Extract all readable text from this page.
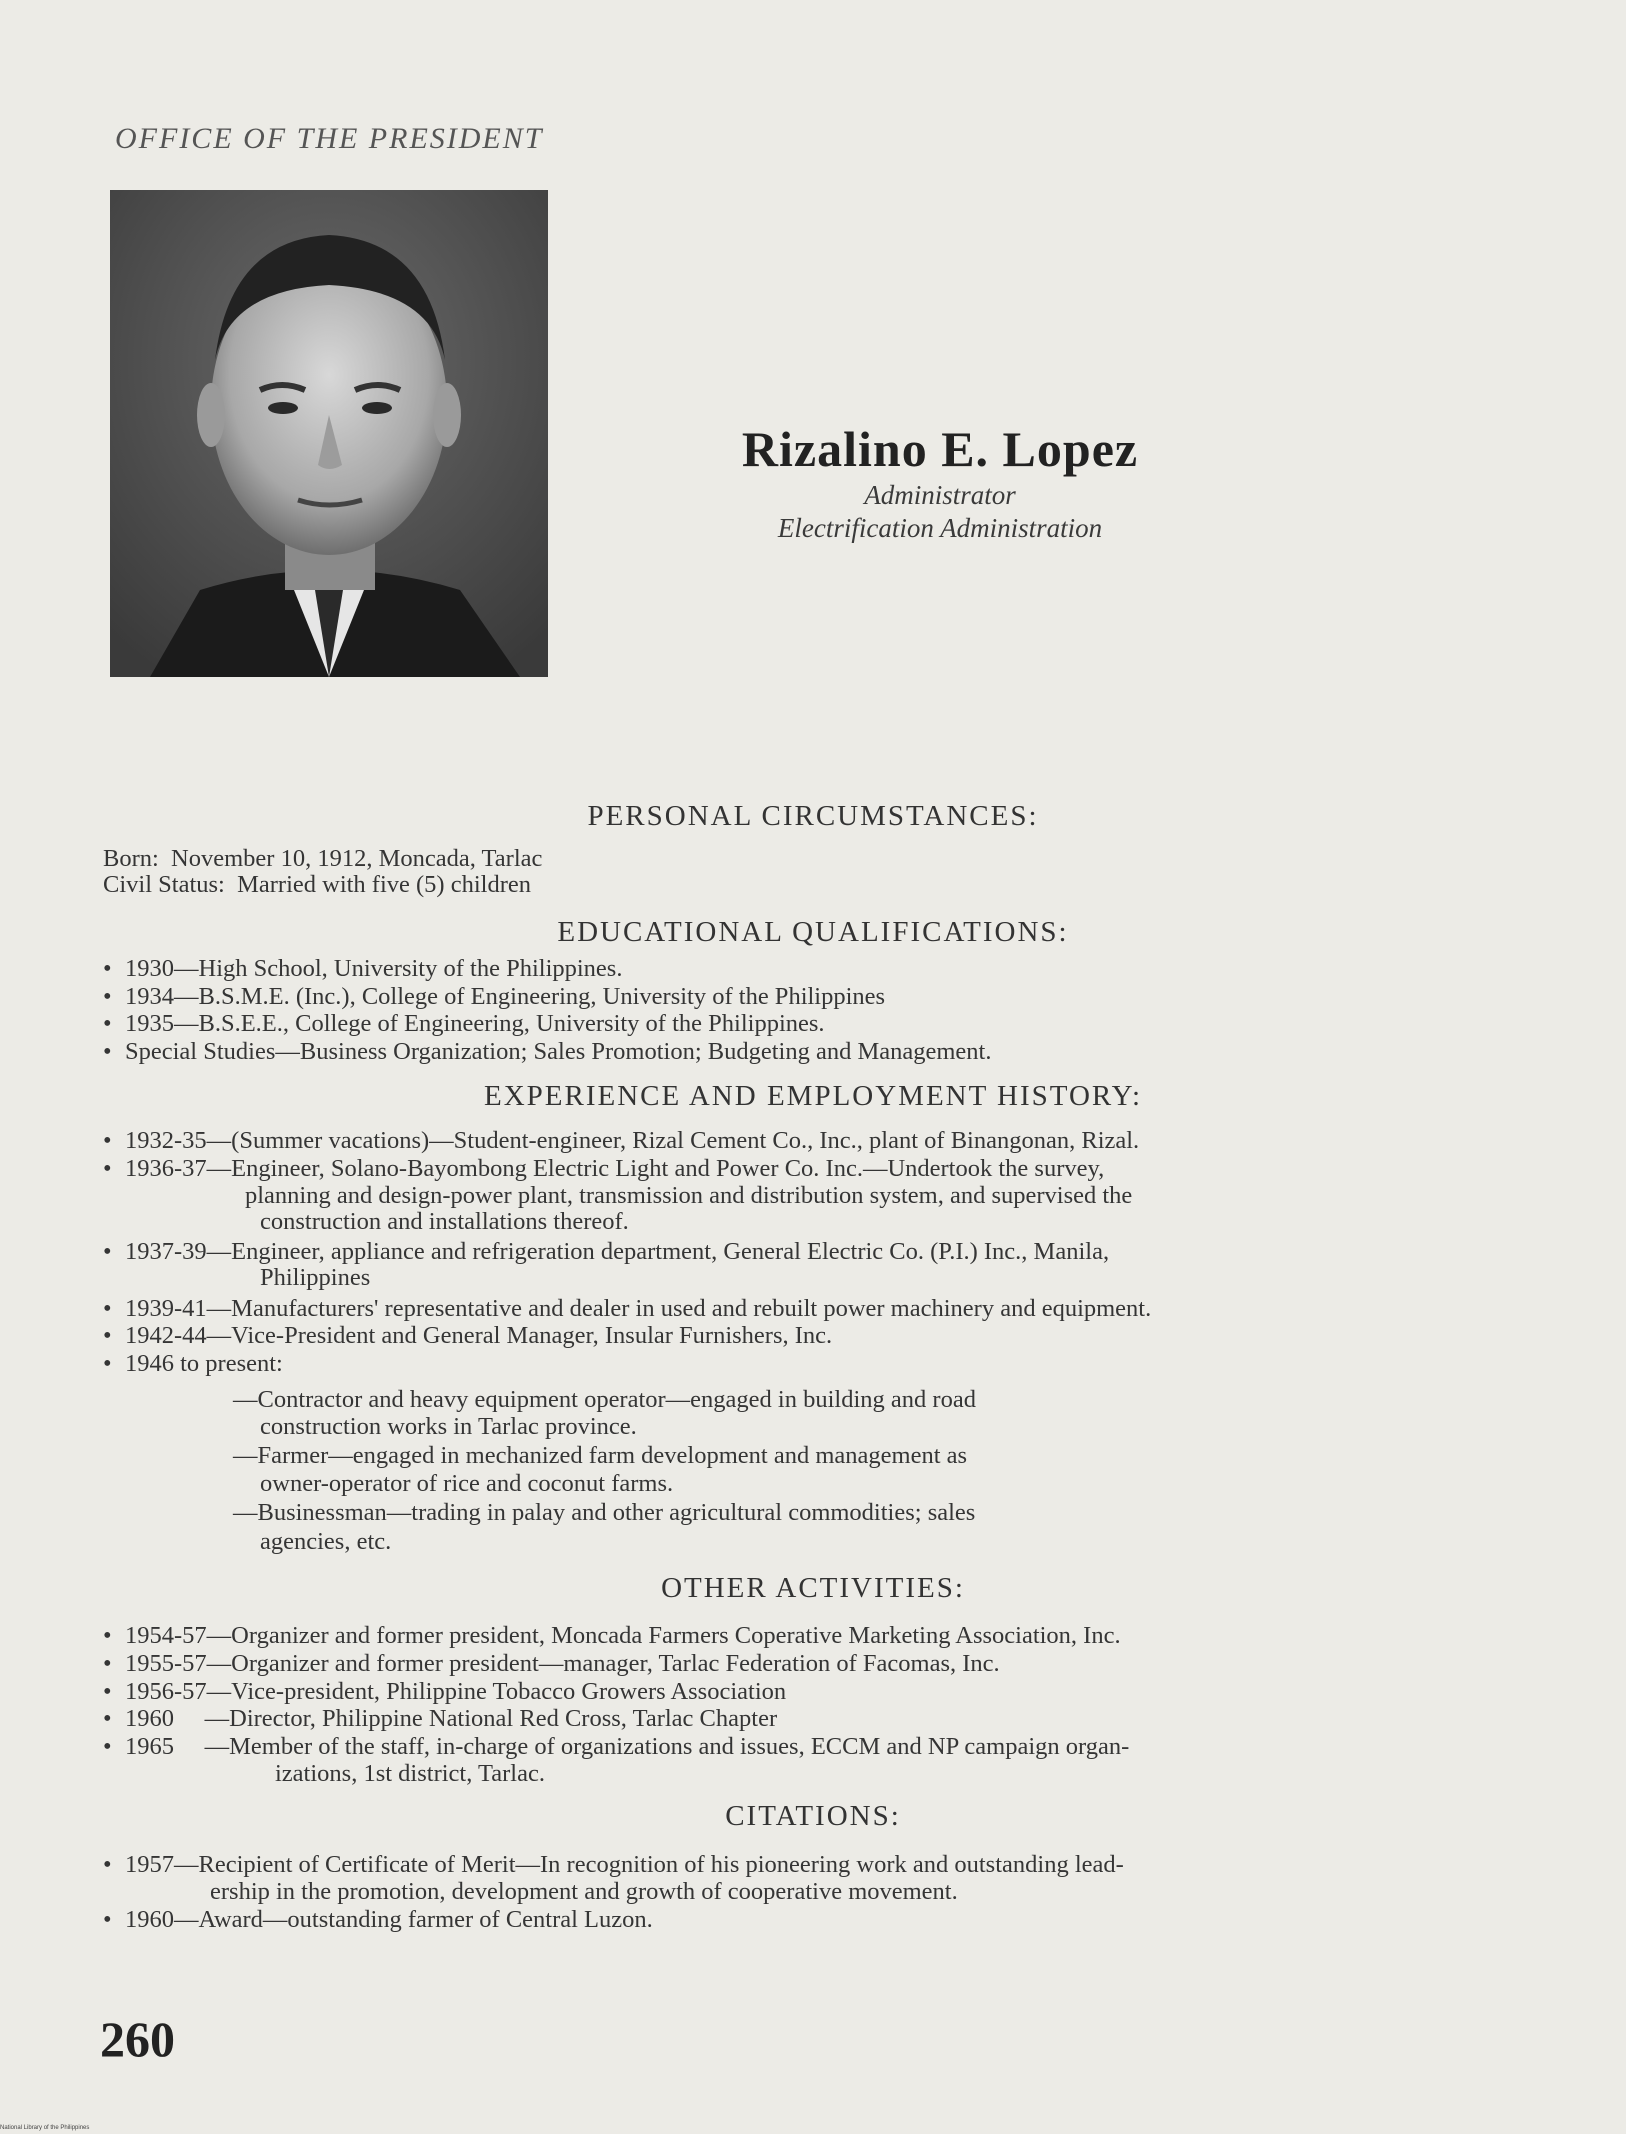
OFFICE OF THE PRESIDENT
Rizalino E. Lopez
Administrator
Electrification Administration
PERSONAL CIRCUMSTANCES:
Born:  November 10, 1912, Moncada, Tarlac
Civil Status:  Married with five (5) children
EDUCATIONAL QUALIFICATIONS:
• 1930—High School, University of the Philippines.
• 1934—B.S.M.E. (Inc.), College of Engineering, University of the Philippines
• 1935—B.S.E.E., College of Engineering, University of the Philippines.
• Special Studies—Business Organization; Sales Promotion; Budgeting and Management.
EXPERIENCE AND EMPLOYMENT HISTORY:
• 1932-35—(Summer vacations)—Student-engineer, Rizal Cement Co., Inc., plant of Binangonan, Rizal.
• 1936-37—Engineer, Solano-Bayombong Electric Light and Power Co. Inc.—Undertook the survey,
planning and design-power plant, transmission and distribution system, and supervised the
construction and installations thereof.
• 1937-39—Engineer, appliance and refrigeration department, General Electric Co. (P.I.) Inc., Manila,
Philippines
• 1939-41—Manufacturers' representative and dealer in used and rebuilt power machinery and equipment.
• 1942-44—Vice-President and General Manager, Insular Furnishers, Inc.
• 1946 to present:
—Contractor and heavy equipment operator—engaged in building and road
construction works in Tarlac province.
—Farmer—engaged in mechanized farm development and management as
owner-operator of rice and coconut farms.
—Businessman—trading in palay and other agricultural commodities; sales
agencies, etc.
OTHER ACTIVITIES:
• 1954-57—Organizer and former president, Moncada Farmers Coperative Marketing Association, Inc.
• 1955-57—Organizer and former president—manager, Tarlac Federation of Facomas, Inc.
• 1956-57—Vice-president, Philippine Tobacco Growers Association
• 1960     —Director, Philippine National Red Cross, Tarlac Chapter
• 1965     —Member of the staff, in-charge of organizations and issues, ECCM and NP campaign organ-
izations, 1st district, Tarlac.
CITATIONS:
• 1957—Recipient of Certificate of Merit—In recognition of his pioneering work and outstanding lead-
ership in the promotion, development and growth of cooperative movement.
• 1960—Award—outstanding farmer of Central Luzon.
260
National Library of the Philippines
